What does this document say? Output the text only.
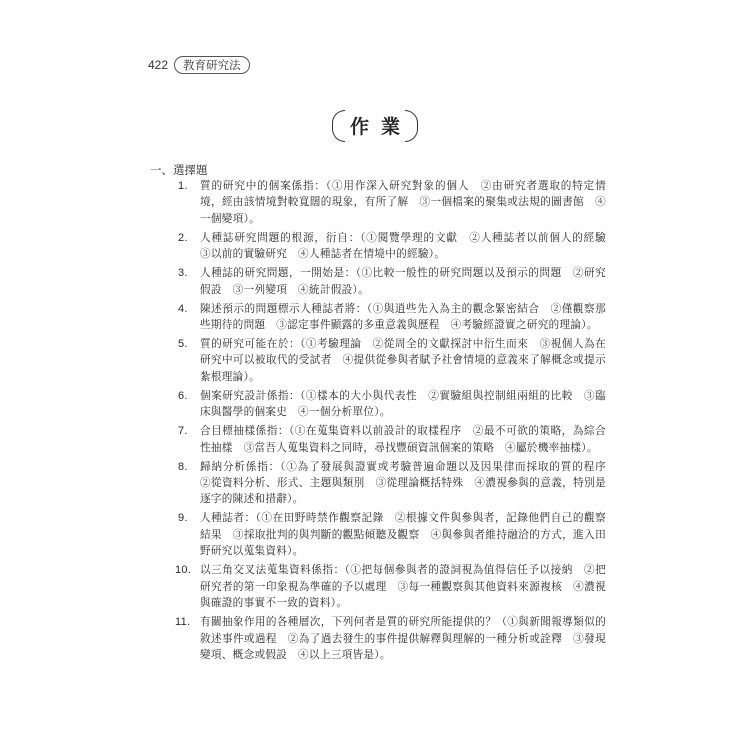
422	教育研究法
作業
一、選擇題
1.	質的研究中的個案係指：（①用作深入研究對象的個人　②由研究者選取的特定情境，經由該情境對較寬闊的現象，有所了解　③一個檔案的聚集或法規的圖書館　④一個變項）。
2.	人種誌研究問題的根源，衍自：（①閱覽學理的文獻　②人種誌者以前個人的經驗　③以前的實驗研究　④人種誌者在情境中的經驗）。
3.	人種誌的研究問題，一開始是：（①比較一般性的研究問題以及預示的問題　②研究假設　③一列變項　④統計假設）。
4.	陳述預示的問題標示人種誌者將：（①與逍些先入為主的觀念緊密結合　②僅觀察那些期待的問題　③認定事件顯露的多重意義與歷程　④考驗經證實之研究的理論）。
5.	質的研究可能在於：（①考驗理論　②從周全的文獻探討中衍生而來　③視個人為在研究中可以被取代的受試者　④提供從參與者賦予社會情境的意義來了解概念或提示紮根理論）。
6.	個案研究設計係指：（①樣本的大小與代表性　②實驗組與控制組兩組的比較　③臨床與醫學的個案史　④一個分析單位）。
7.	合目標抽樣係指：（①在蒐集資料以前設計的取樣程序　②最不可欲的策略，為綜合性抽樣　③當吾人蒐集資料之同時，尋找豐碩資訊個案的策略　④屬於機率抽樣）。
8.	歸納分析係指：（①為了發展與證實或考驗普遍命題以及因果律而採取的質的程序　②從資料分析、形式、主題與類別　③從理論概括特殊　④濃視參與的意義，特別是逐字的陳述和措辭）。
9.	人種誌者：（①在田野時禁作觀察記錄　②根據文件與參與者，記錄他們自己的觀察結果　③採取批判的與判斷的觀點傾聽及觀察　④與參與者維持融洽的方式，進入田野研究以蒐集資料）。
10. 以三角交叉法蒐集資料係指：（①把每個參與者的證詞視為值得信任予以接納　②把研究者的第一印象視為準確的予以處理　③每一種觀察與其他資料來源複核　④濃視與確證的事實不一致的資料）。
11. 有關抽象作用的各種層次，下列何者是質的研究所能提供的？（①與新聞報導類似的敘述事件或過程　②為了過去發生的事件提供解釋與理解的一種分析或詮釋　③發現變項、概念或假設　④以上三項皆是）。
